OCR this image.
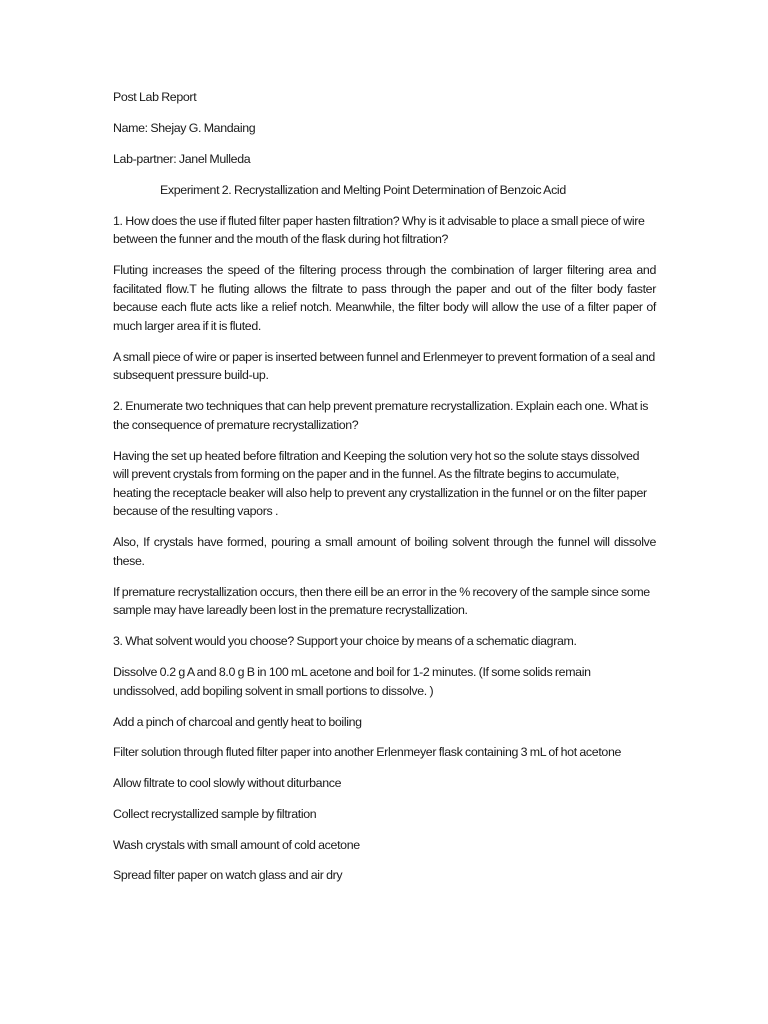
Post Lab Report

Name: Shejay G. Mandaing

Lab-partner: Janel Mulleda

Experiment 2. Recrystallization and Melting Point Determination of Benzoic Acid

1. How does the use if fluted filter paper hasten filtration? Why is it advisable to place a small piece of wire between the funner and the mouth of the flask during hot filtration?

Fluting increases the speed of the filtering process through the combination of larger filtering area and facilitated flow.T he fluting allows the filtrate to pass through the paper and out of the filter body faster because each flute acts like a relief notch. Meanwhile, the filter body will allow the use of a filter paper of much larger area if it is fluted.

A small piece of wire or paper is inserted between funnel and Erlenmeyer to prevent formation of a seal and subsequent pressure build-up.

2. Enumerate two techniques that can help prevent premature recrystallization. Explain each one. What is the consequence of premature recrystallization?

Having the set up heated before filtration and Keeping the solution very hot so the solute stays dissolved will prevent crystals from forming on the paper and in the funnel. As the filtrate begins to accumulate, heating the receptacle beaker will also help to prevent any crystallization in the funnel or on the filter paper because of the resulting vapors .

Also, If crystals have formed, pouring a small amount of boiling solvent through the funnel will dissolve these.

If premature recrystallization occurs, then there eill be an error in the % recovery of the sample since some sample may have lareadly been lost in the premature recrystallization.

3. What solvent would you choose? Support your choice by means of a schematic diagram.

Dissolve 0.2 g A and 8.0 g B in 100 mL acetone and boil for 1-2 minutes. (If some solids remain undissolved, add bopiling solvent in small portions to dissolve. )

Add a pinch of charcoal and gently heat to boiling

Filter solution through fluted filter paper into another Erlenmeyer flask containing 3 mL of hot acetone

Allow filtrate to cool slowly without diturbance

Collect recrystallized sample by filtration

Wash crystals with small amount of cold acetone

Spread filter paper on watch glass and air dry
